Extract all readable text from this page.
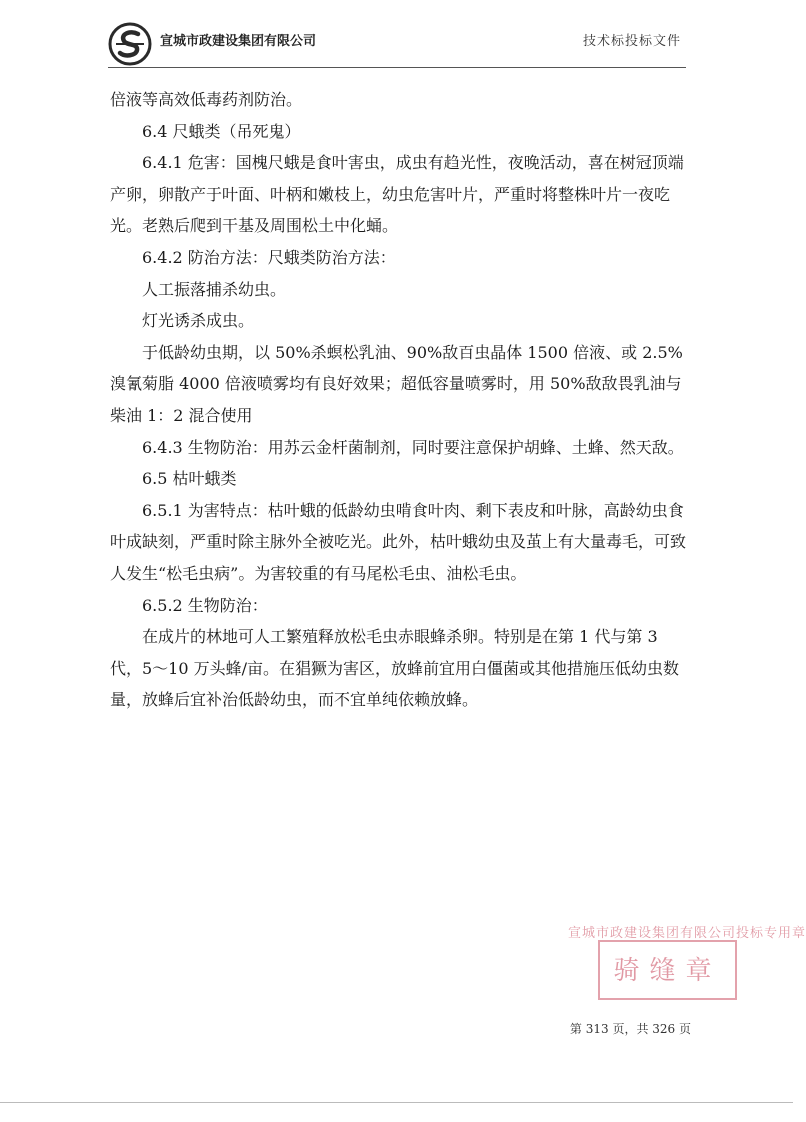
宣城市政建设集团有限公司	技术标投标文件

倍液等高效低毒药剂防治。

6.4 尺蛾类（吊死鬼）

6.4.1 危害：国槐尺蛾是食叶害虫，成虫有趋光性，夜晚活动，喜在树冠顶端产卵，卵散产于叶面、叶柄和嫩枝上，幼虫危害叶片，严重时将整株叶片一夜吃光。老熟后爬到干基及周围松土中化蛹。

6.4.2 防治方法：尺蛾类防治方法：

人工振落捕杀幼虫。

灯光诱杀成虫。

于低龄幼虫期，以 50%杀螟松乳油、90%敌百虫晶体 1500 倍液、或 2.5%溴氰菊脂 4000 倍液喷雾均有良好效果；超低容量喷雾时，用 50%敌敌畏乳油与柴油 1：2 混合使用

6.4.3 生物防治：用苏云金杆菌制剂，同时要注意保护胡蜂、土蜂、然天敌。

6.5 枯叶蛾类

6.5.1 为害特点：枯叶蛾的低龄幼虫啃食叶肉、剩下表皮和叶脉，高龄幼虫食叶成缺刻，严重时除主脉外全被吃光。此外，枯叶蛾幼虫及茧上有大量毒毛，可致人发生“松毛虫病”。为害较重的有马尾松毛虫、油松毛虫。

6.5.2 生物防治：

在成片的林地可人工繁殖释放松毛虫赤眼蜂杀卵。特别是在第 1 代与第 3 代，5～10 万头蜂/亩。在猖獗为害区，放蜂前宜用白僵菌或其他措施压低幼虫数量，放蜂后宜补治低龄幼虫，而不宜单纯依赖放蜂。

宣城市政建设集团有限公司投标专用章
骑缝章
第 313 页，共 326 页
